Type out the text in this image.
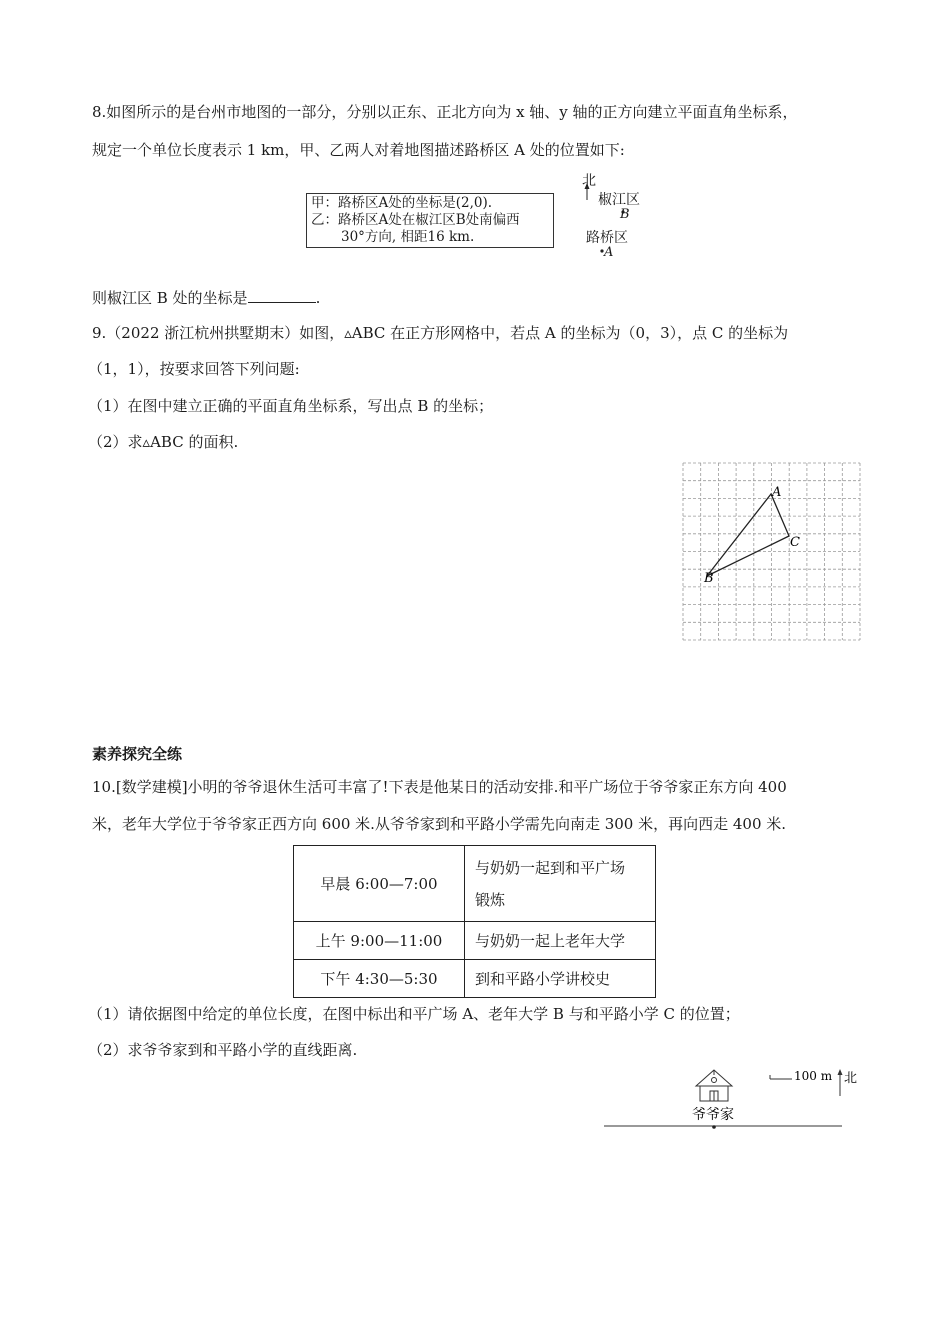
8.如图所示的是台州市地图的一部分，分别以正东、正北方向为 x 轴、y 轴的正方向建立平面直角坐标系，
规定一个单位长度表示 1 km，甲、乙两人对着地图描述路桥区 A 处的位置如下:
甲：路桥区A处的坐标是(2,0).
乙：路桥区A处在椒江区B处南偏西
30°方向, 相距16 km.
北
椒江区
B
路桥区
A
则椒江区 B 处的坐标是	.
9.（2022 浙江杭州拱墅期末）如图，▵ABC 在正方形网格中，若点 A 的坐标为（0，3），点 C 的坐标为
（1，1），按要求回答下列问题:
（1）在图中建立正确的平面直角坐标系，写出点 B 的坐标；
（2）求▵ABC 的面积.
A
C
B
素养探究全练
10.[数学建模]小明的爷爷退休生活可丰富了!下表是他某日的活动安排.和平广场位于爷爷家正东方向 400
米，老年大学位于爷爷家正西方向 600 米.从爷爷家到和平路小学需先向南走 300 米，再向西走 400 米.
早晨 6:00—7:00	与奶奶一起到和平广场
锻炼

上午 9:00—11:00	与奶奶一起上老年大学
下午 4:30—5:30	到和平路小学讲校史
（1）请依据图中给定的单位长度，在图中标出和平广场 A、老年大学 B 与和平路小学 C 的位置；
（2）求爷爷家到和平路小学的直线距离.
爷爷家
100 m 北
